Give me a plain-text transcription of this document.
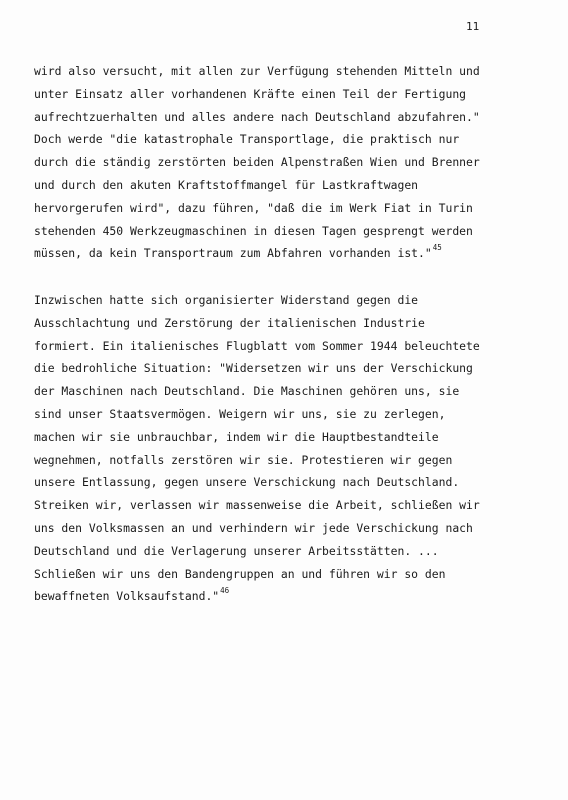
11
wird also versucht, mit allen zur Verfügung stehenden Mitteln und
unter Einsatz aller vorhandenen Kräfte einen Teil der Fertigung
aufrechtzuerhalten und alles andere nach Deutschland abzufahren."
Doch werde "die katastrophale Transportlage, die praktisch nur
durch die ständig zerstörten beiden Alpenstraßen Wien und Brenner
und durch den akuten Kraftstoffmangel für Lastkraftwagen
hervorgerufen wird", dazu führen, "daß die im Werk Fiat in Turin
stehenden 450 Werkzeugmaschinen in diesen Tagen gesprengt werden
müssen, da kein Transportraum zum Abfahren vorhanden ist."$^{45}$
Inzwischen hatte sich organisierter Widerstand gegen die
Ausschlachtung und Zerstörung der italienischen Industrie
formiert. Ein italienisches Flugblatt vom Sommer 1944 beleuchtete
die bedrohliche Situation: "Widersetzen wir uns der Verschickung
der Maschinen nach Deutschland. Die Maschinen gehören uns, sie
sind unser Staatsvermögen. Weigern wir uns, sie zu zerlegen,
machen wir sie unbrauchbar, indem wir die Hauptbestandteile
wegnehmen, notfalls zerstören wir sie. Protestieren wir gegen
unsere Entlassung, gegen unsere Verschickung nach Deutschland.
Streiken wir, verlassen wir massenweise die Arbeit, schließen wir
uns den Volksmassen an und verhindern wir jede Verschickung nach
Deutschland und die Verlagerung unserer Arbeitsstätten. ...
Schließen wir uns den Bandengruppen an und führen wir so den
bewaffneten Volksaufstand."$^{46}$
